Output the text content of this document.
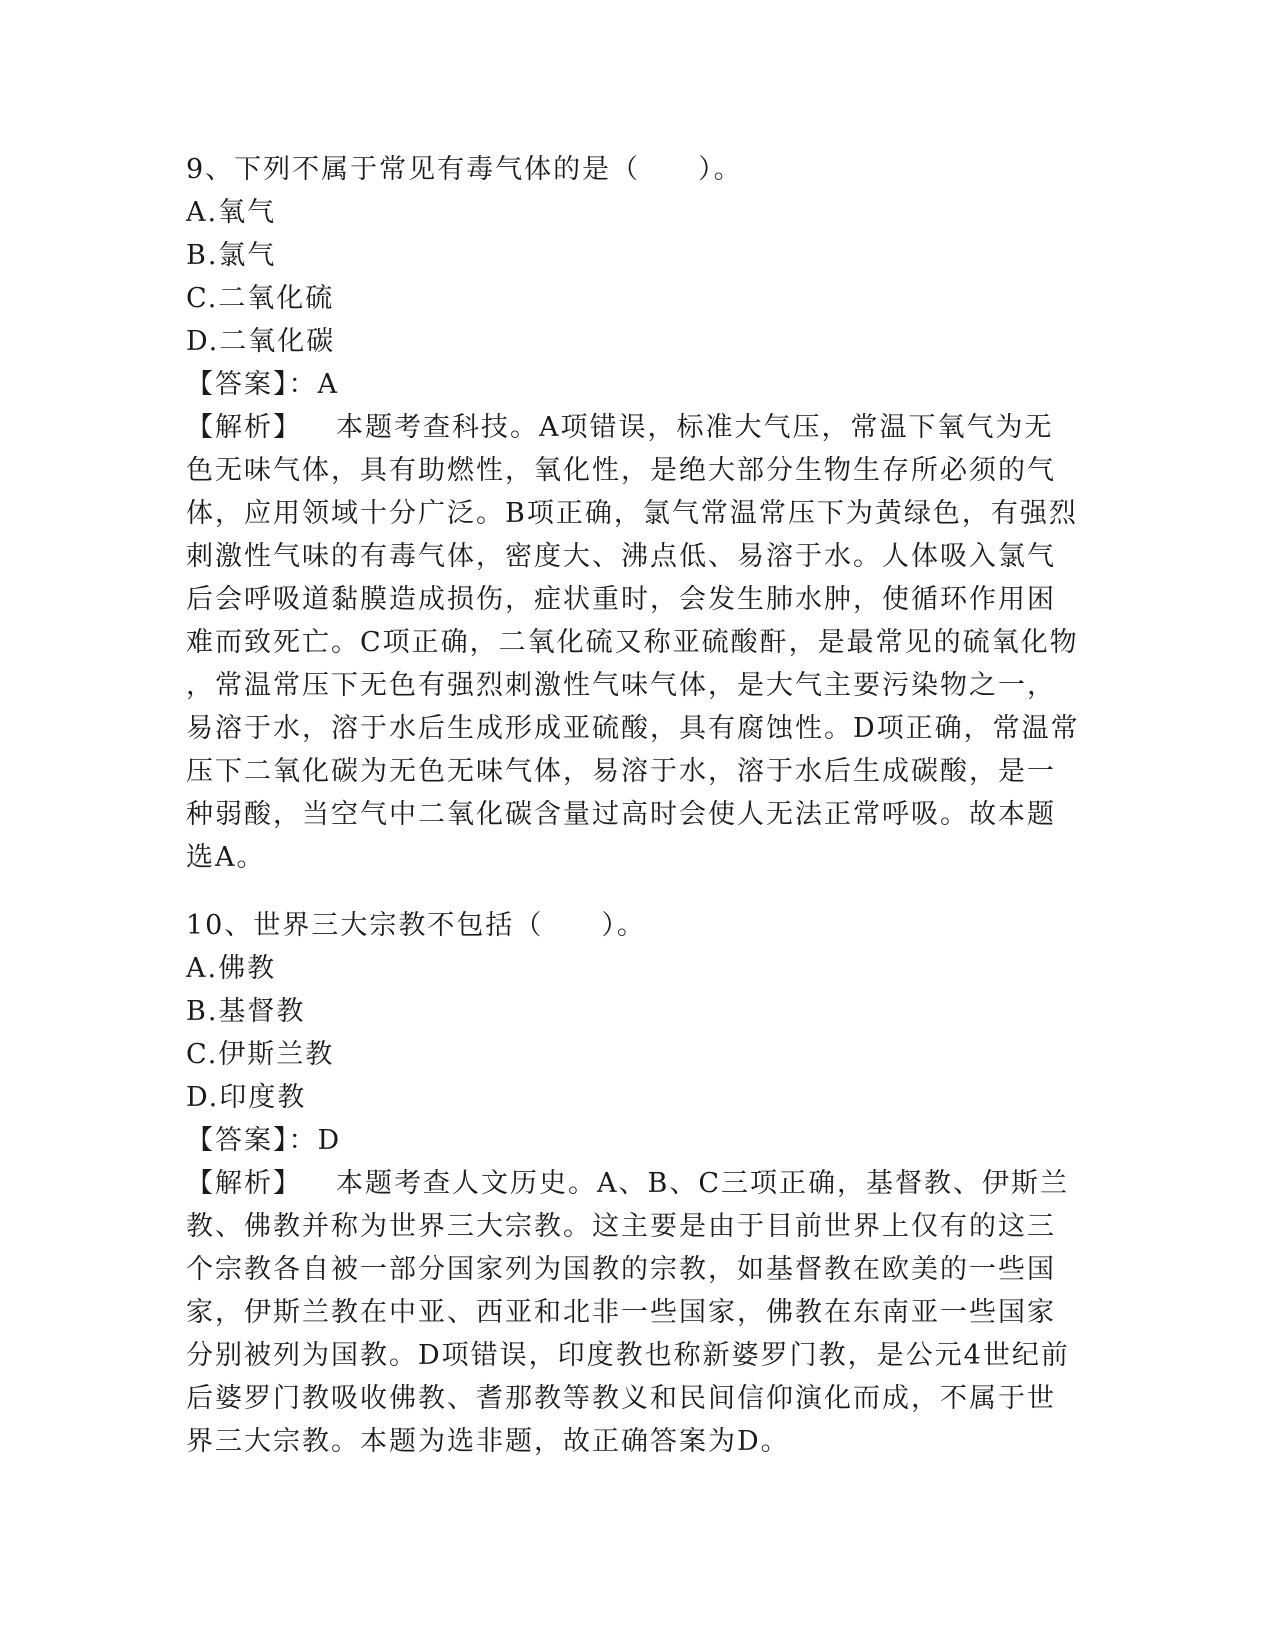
9、下列不属于常见有毒气体的是（　　）。
A.氧气
B.氯气
C.二氧化硫
D.二氧化碳
【答案】：A
【解析】 本题考查科技。A项错误，标准大气压，常温下氧气为无
色无味气体，具有助燃性，氧化性，是绝大部分生物生存所必须的气
体，应用领域十分广泛。B项正确，氯气常温常压下为黄绿色，有强烈
刺激性气味的有毒气体，密度大、沸点低、易溶于水。人体吸入氯气
后会呼吸道黏膜造成损伤，症状重时，会发生肺水肿，使循环作用困
难而致死亡。C项正确，二氧化硫又称亚硫酸酐，是最常见的硫氧化物
，常温常压下无色有强烈刺激性气味气体，是大气主要污染物之一，
易溶于水，溶于水后生成形成亚硫酸，具有腐蚀性。D项正确，常温常
压下二氧化碳为无色无味气体，易溶于水，溶于水后生成碳酸，是一
种弱酸，当空气中二氧化碳含量过高时会使人无法正常呼吸。故本题
选A。
10、世界三大宗教不包括（　　）。
A.佛教
B.基督教
C.伊斯兰教
D.印度教
【答案】：D
【解析】 本题考查人文历史。A、B、C三项正确，基督教、伊斯兰
教、佛教并称为世界三大宗教。这主要是由于目前世界上仅有的这三
个宗教各自被一部分国家列为国教的宗教，如基督教在欧美的一些国
家，伊斯兰教在中亚、西亚和北非一些国家，佛教在东南亚一些国家
分别被列为国教。D项错误，印度教也称新婆罗门教，是公元4世纪前
后婆罗门教吸收佛教、耆那教等教义和民间信仰演化而成，不属于世
界三大宗教。本题为选非题，故正确答案为D。
